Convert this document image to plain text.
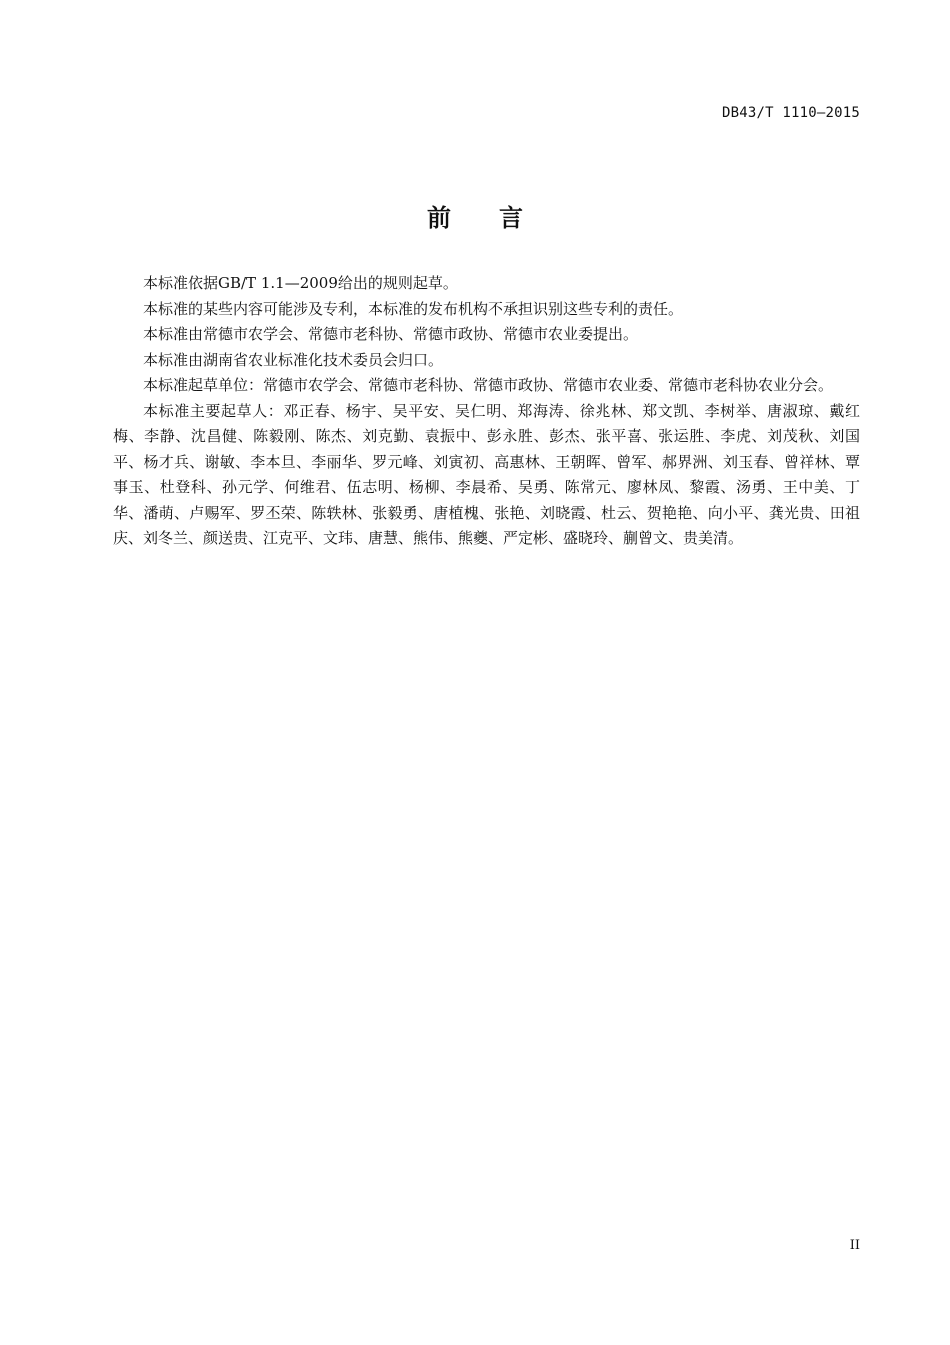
DB43/T 1110—2015
前言

本标准依据GB/T 1.1—2009给出的规则起草。

本标准的某些内容可能涉及专利，本标准的发布机构不承担识别这些专利的责任。

本标准由常德市农学会、常德市老科协、常德市政协、常德市农业委提出。

本标准由湖南省农业标准化技术委员会归口。

本标准起草单位：常德市农学会、常德市老科协、常德市政协、常德市农业委、常德市老科协农业分会。

本标准主要起草人：邓正春、杨宇、吴平安、吴仁明、郑海涛、徐兆林、郑文凯、李树举、唐淑琼、戴红梅、李静、沈昌健、陈毅刚、陈杰、刘克勤、袁振中、彭永胜、彭杰、张平喜、张运胜、李虎、刘茂秋、刘国平、杨才兵、谢敏、李本旦、李丽华、罗元峰、刘寅初、高惠林、王朝晖、曾军、郝界洲、刘玉春、曾祥林、覃事玉、杜登科、孙元学、何维君、伍志明、杨柳、李晨希、吴勇、陈常元、廖林凤、黎霞、汤勇、王中美、丁华、潘萌、卢赐军、罗丕荣、陈轶林、张毅勇、唐植槐、张艳、刘晓霞、杜云、贺艳艳、向小平、龚光贵、田祖庆、刘冬兰、颜送贵、江克平、文玮、唐慧、熊伟、熊夔、严定彬、盛晓玲、蒯曾文、贵美清。

II
